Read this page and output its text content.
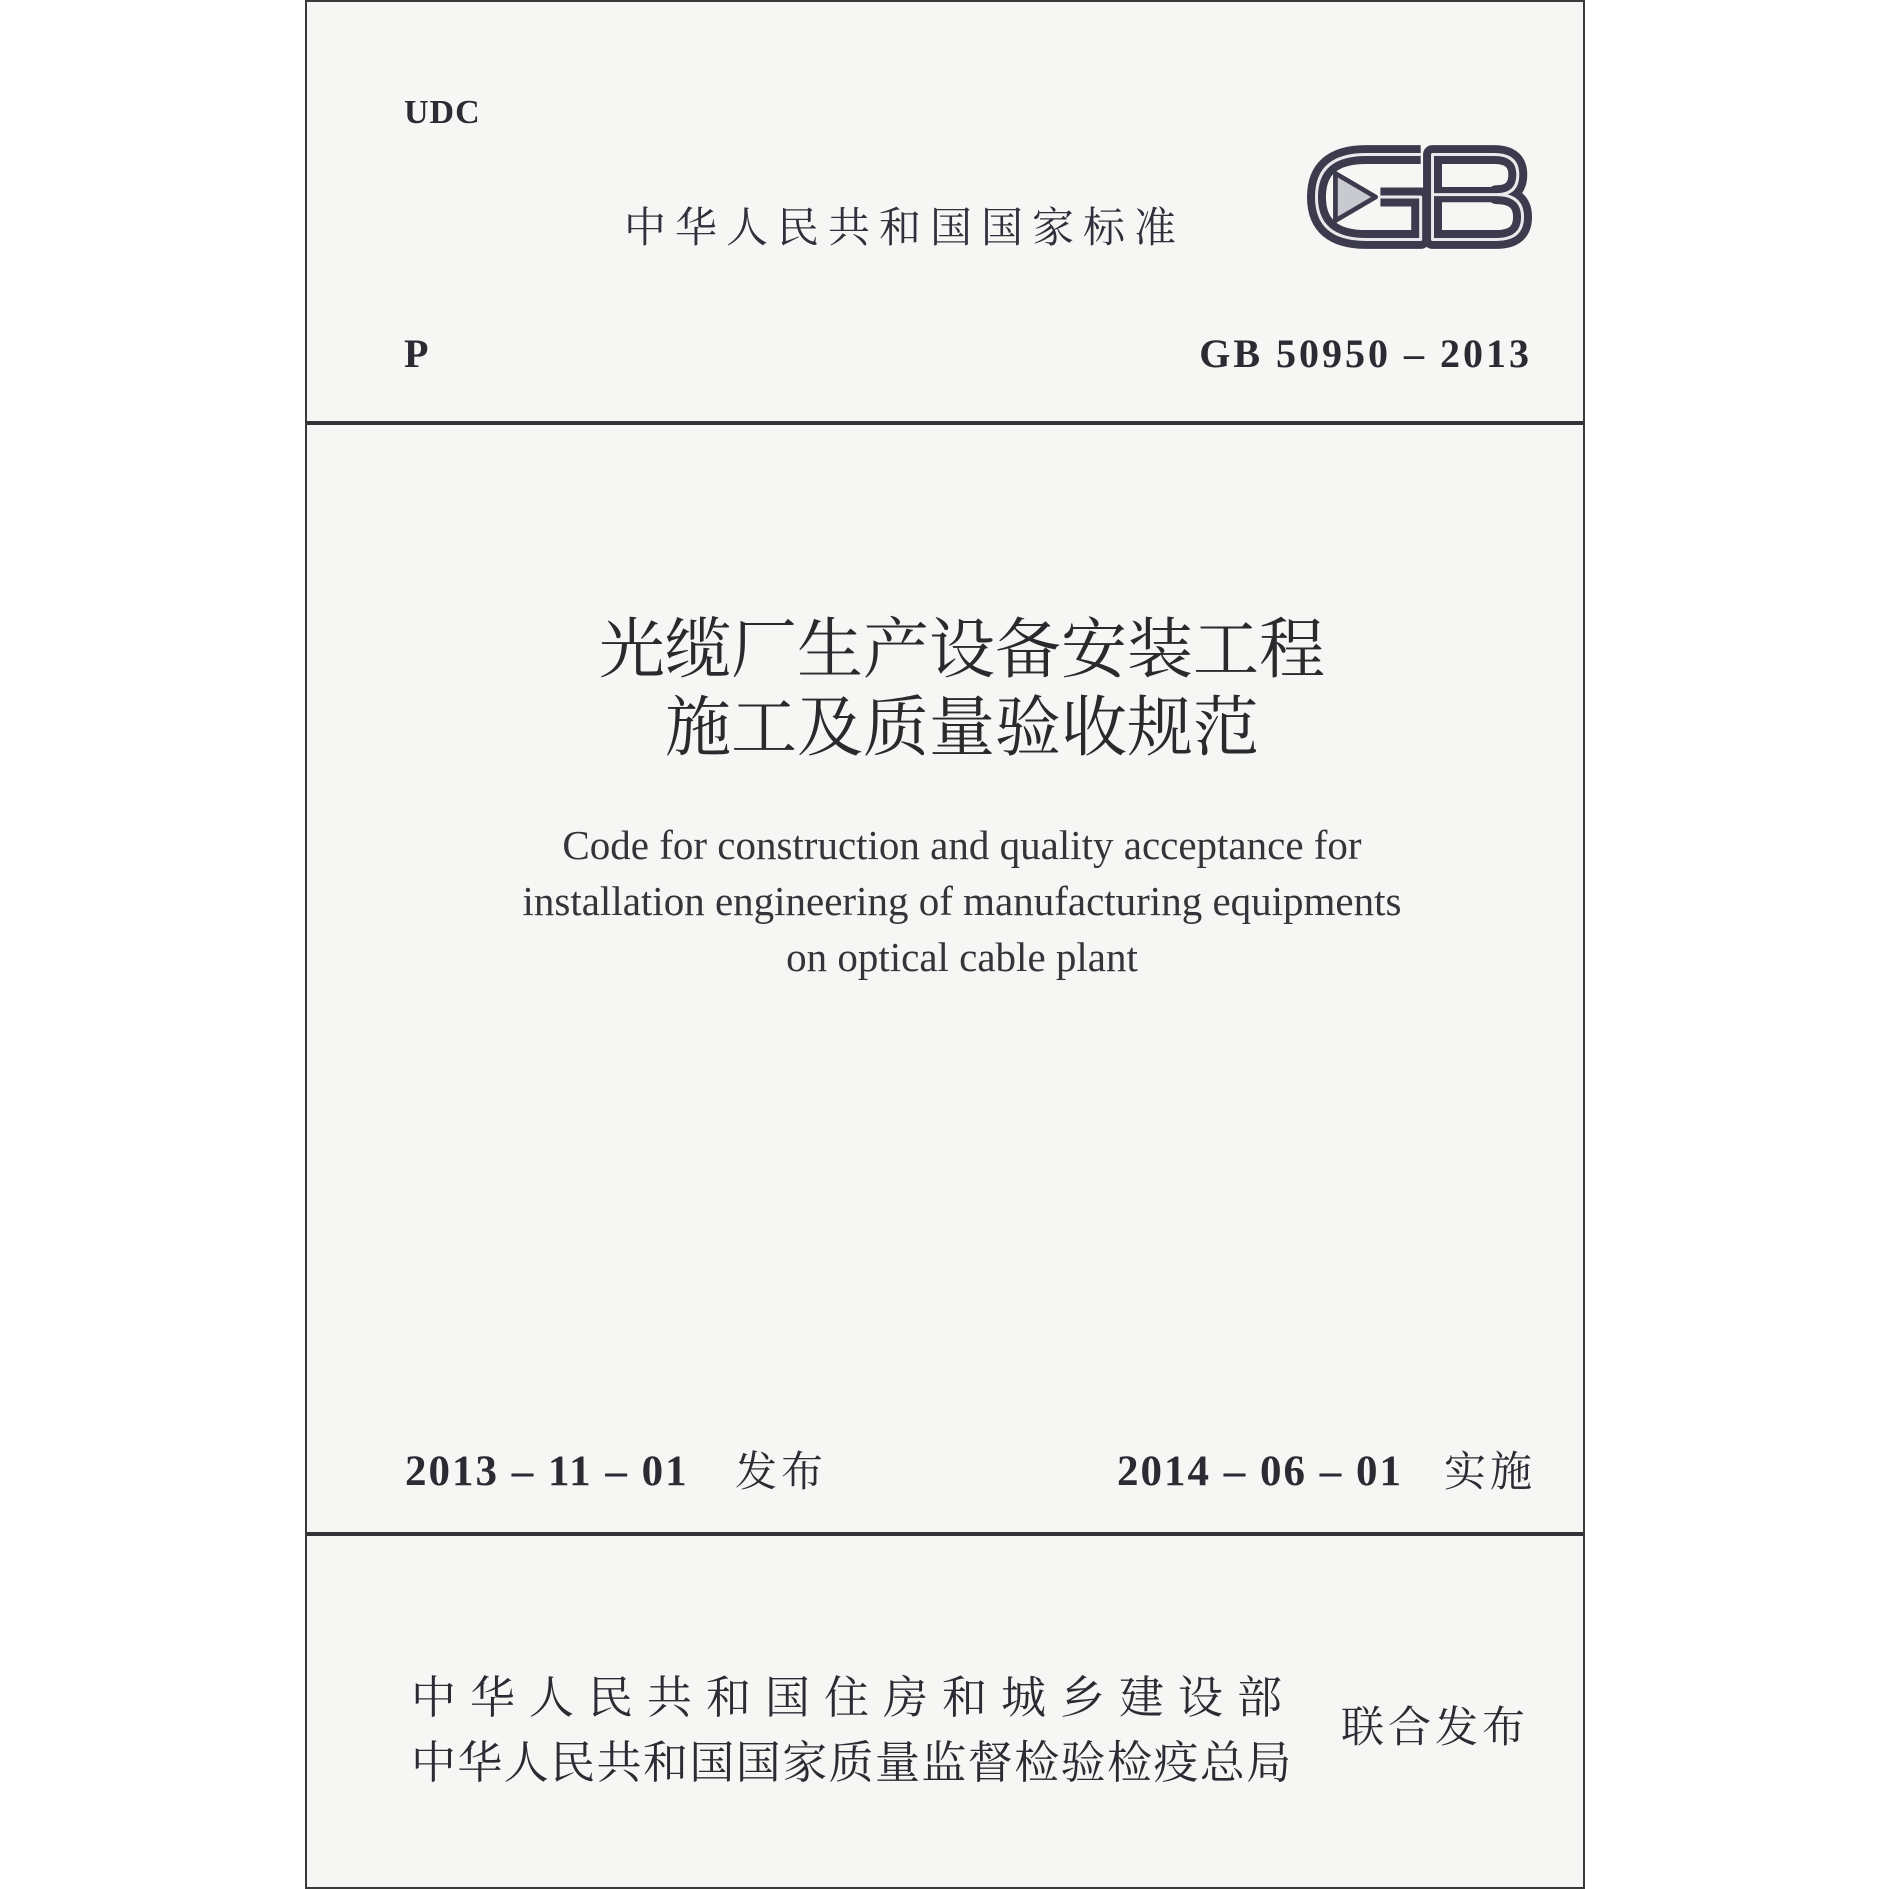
UDC
中华人民共和国国家标准
P	GB 50950 – 2013
光缆厂生产设备安装工程
施工及质量验收规范
Code for construction and quality acceptance for
installation engineering of manufacturing equipments
on optical cable plant
2013 – 11 – 01 发布	2014 – 06 – 01 实施
中华人民共和国住房和城乡建设部
中华人民共和国国家质量监督检验检疫总局
联合发布
